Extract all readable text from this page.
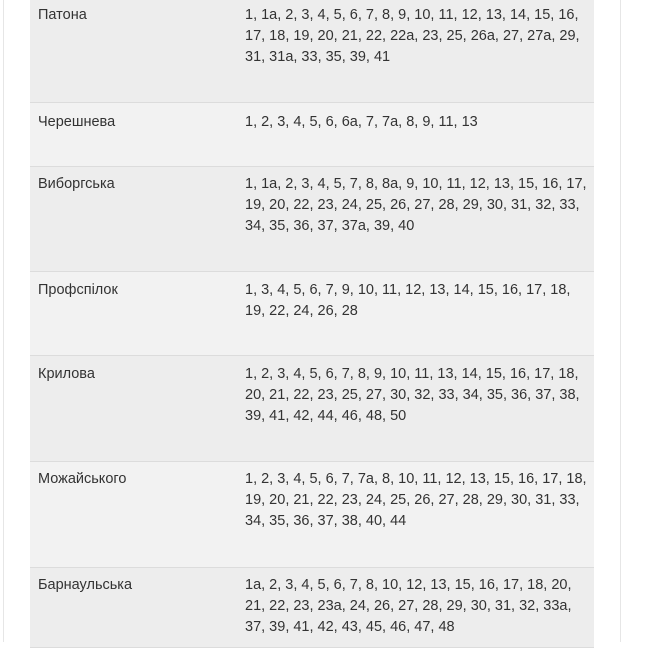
Патона	1, 1а, 2, 3, 4, 5, 6, 7, 8, 9, 10, 11, 12, 13, 14, 15, 16, 17, 18, 19, 20, 21, 22, 22а, 23, 25, 26а, 27, 27а, 29, 31, 31а, 33, 35, 39, 41

Черешнева	1, 2, 3, 4, 5, 6, 6а, 7, 7а, 8, 9, 11, 13

Виборгська	1, 1а, 2, 3, 4, 5, 7, 8, 8а, 9, 10, 11, 12, 13, 15, 16, 17, 19, 20, 22, 23, 24, 25, 26, 27, 28, 29, 30, 31, 32, 33, 34, 35, 36, 37, 37а, 39, 40

Профспілок	1, 3, 4, 5, 6, 7, 9, 10, 11, 12, 13, 14, 15, 16, 17, 18, 19, 22, 24, 26, 28

Крилова	1, 2, 3, 4, 5, 6, 7, 8, 9, 10, 11, 13, 14, 15, 16, 17, 18, 20, 21, 22, 23, 25, 27, 30, 32, 33, 34, 35, 36, 37, 38, 39, 41, 42, 44, 46, 48, 50

Можайського	1, 2, 3, 4, 5, 6, 7, 7а, 8, 10, 11, 12, 13, 15, 16, 17, 18, 19, 20, 21, 22, 23, 24, 25, 26, 27, 28, 29, 30, 31, 33, 34, 35, 36, 37, 38, 40, 44

Барнаульська	1а, 2, 3, 4, 5, 6, 7, 8, 10, 12, 13, 15, 16, 17, 18, 20, 21, 22, 23, 23а, 24, 26, 27, 28, 29, 30, 31, 32, 33а, 37, 39, 41, 42, 43, 45, 46, 47, 48
